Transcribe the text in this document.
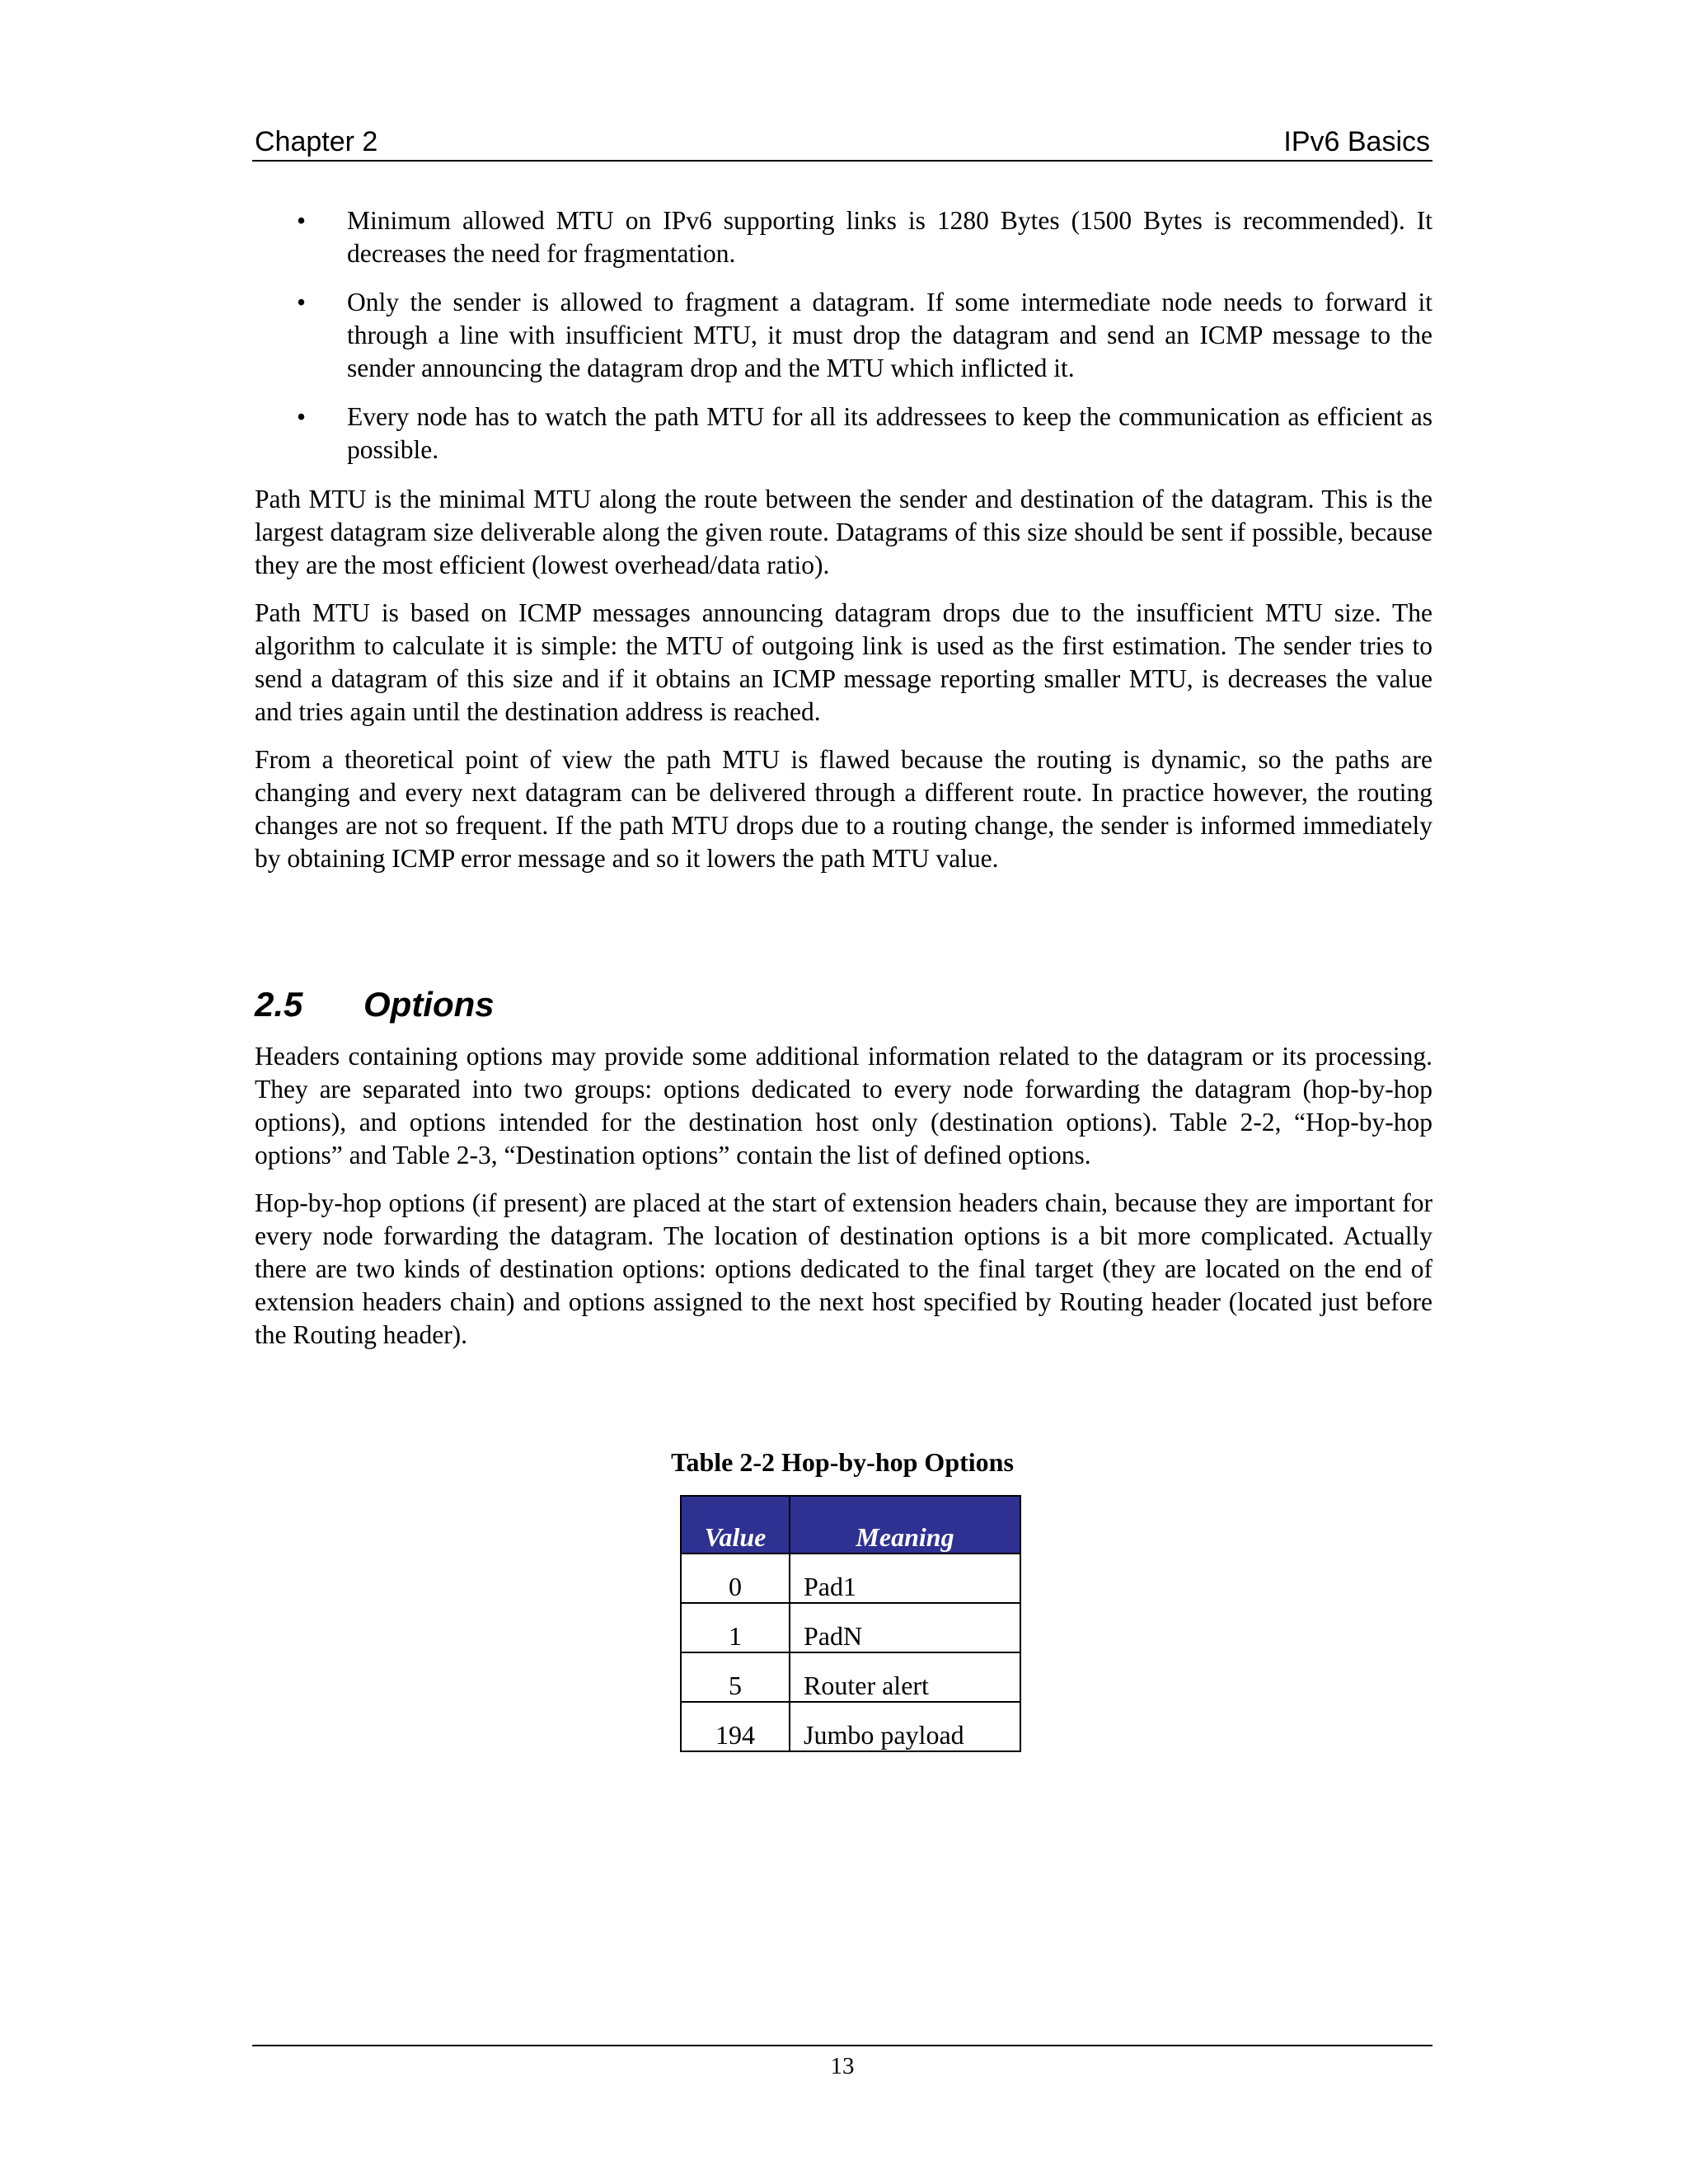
Chapter 2	IPv6 Basics
• Minimum allowed MTU on IPv6 supporting links is 1280 Bytes (1500 Bytes is recommended). It decreases the need for fragmentation.
• Only the sender is allowed to fragment a datagram. If some intermediate node needs to forward it through a line with insufficient MTU, it must drop the datagram and send an ICMP message to the sender announcing the datagram drop and the MTU which inflicted it.
• Every node has to watch the path MTU for all its addressees to keep the communication as efficient as possible.

Path MTU is the minimal MTU along the route between the sender and destination of the datagram. This is the largest datagram size deliverable along the given route. Datagrams of this size should be sent if possible, because they are the most efficient (lowest overhead/data ratio).

Path MTU is based on ICMP messages announcing datagram drops due to the insufficient MTU size. The algorithm to calculate it is simple: the MTU of outgoing link is used as the first estimation. The sender tries to send a datagram of this size and if it obtains an ICMP message reporting smaller MTU, is decreases the value and tries again until the destination address is reached.

From a theoretical point of view the path MTU is flawed because the routing is dynamic, so the paths are changing and every next datagram can be delivered through a different route. In practice however, the routing changes are not so frequent. If the path MTU drops due to a routing change, the sender is informed immediately by obtaining ICMP error message and so it lowers the path MTU value.

2.5 Options

Headers containing options may provide some additional information related to the datagram or its processing. They are separated into two groups: options dedicated to every node forwarding the datagram (hop-by-hop options), and options intended for the destination host only (destination options). Table 2-2, “Hop-by-hop options” and Table 2-3, “Destination options” contain the list of defined options.

Hop-by-hop options (if present) are placed at the start of extension headers chain, because they are important for every node forwarding the datagram. The location of destination options is a bit more complicated. Actually there are two kinds of destination options: options dedicated to the final target (they are located on the end of extension headers chain) and options assigned to the next host specified by Routing header (located just before the Routing header).

Table 2-2 Hop-by-hop Options
Value	Meaning
0	Pad1
1	PadN
5	Router alert
194	Jumbo payload
13
